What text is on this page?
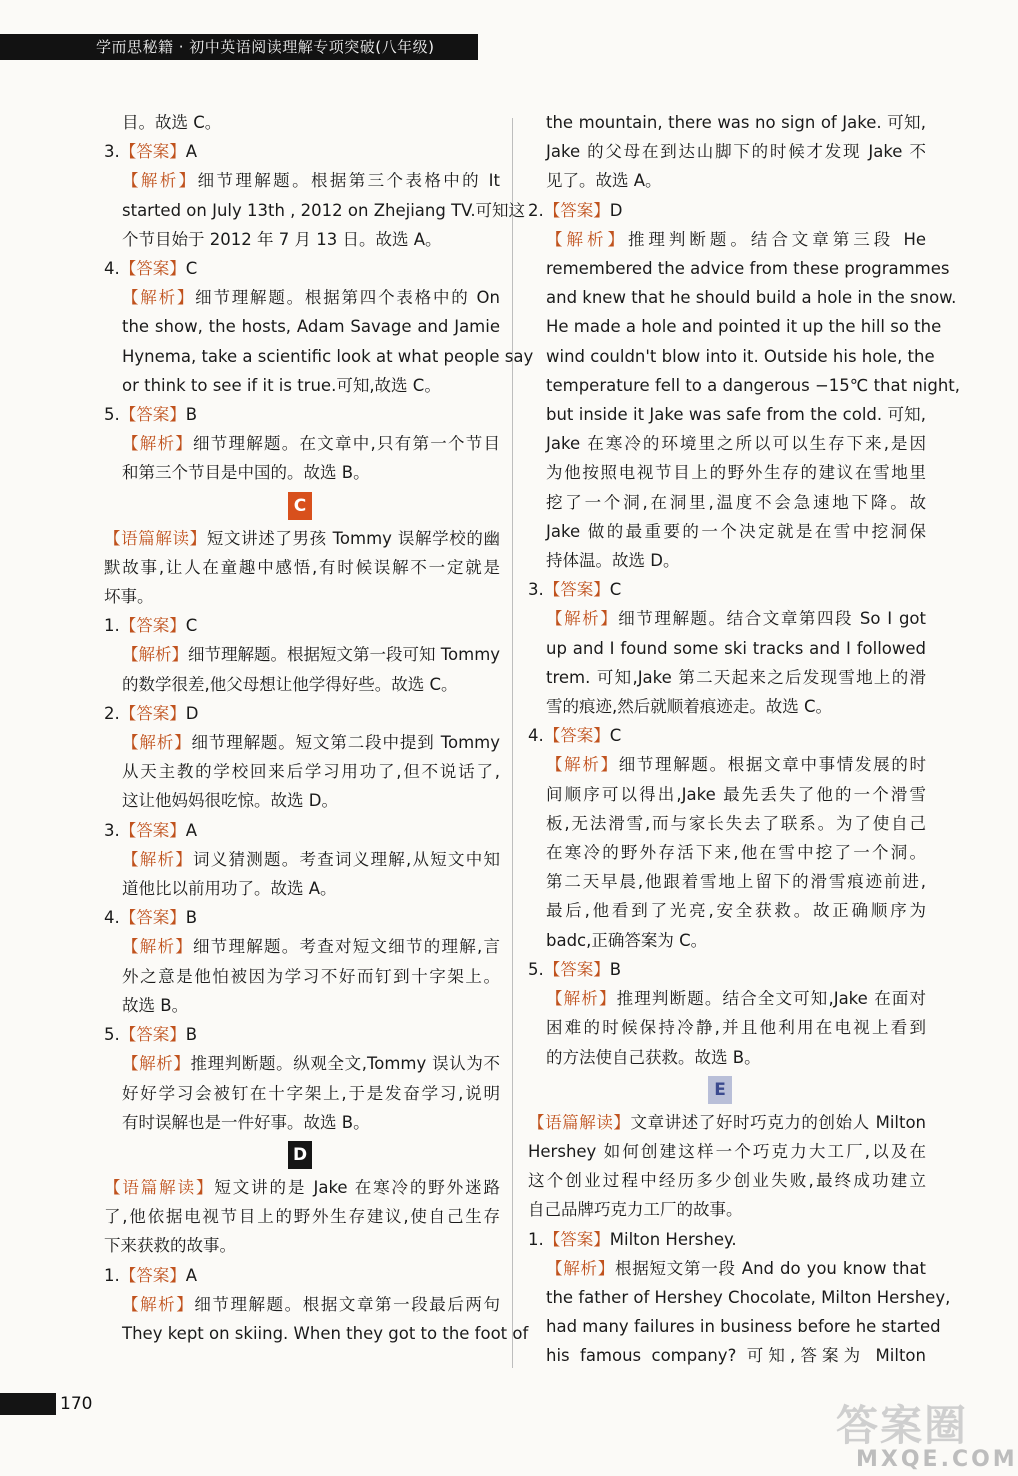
学而思秘籍 · 初中英语阅读理解专项突破(八年级)
目。故选 C。
3.【答案】A
【解析】细节理解题。根据第三个表格中的 It
started on July 13th , 2012 on Zhejiang TV.可知这
个节目始于 2012 年 7 月 13 日。故选 A。
4.【答案】C
【解析】细节理解题。根据第四个表格中的 On
the show, the hosts, Adam Savage and Jamie
Hynema, take a scientific look at what people say
or think to see if it is true.可知,故选 C。
5.【答案】B
【解析】细节理解题。在文章中,只有第一个节目
和第三个节目是中国的。故选 B。
C
【语篇解读】短文讲述了男孩 Tommy 误解学校的幽
默故事,让人在童趣中感悟,有时候误解不一定就是
坏事。
1.【答案】C
【解析】细节理解题。根据短文第一段可知 Tommy
的数学很差,他父母想让他学得好些。故选 C。
2.【答案】D
【解析】细节理解题。短文第二段中提到 Tommy
从天主教的学校回来后学习用功了,但不说话了,
这让他妈妈很吃惊。故选 D。
3.【答案】A
【解析】词义猜测题。考查词义理解,从短文中知
道他比以前用功了。故选 A。
4.【答案】B
【解析】细节理解题。考查对短文细节的理解,言
外之意是他怕被因为学习不好而钉到十字架上。
故选 B。
5.【答案】B
【解析】推理判断题。纵观全文,Tommy 误认为不
好好学习会被钉在十字架上,于是发奋学习,说明
有时误解也是一件好事。故选 B。
D
【语篇解读】短文讲的是 Jake 在寒冷的野外迷路
了,他依据电视节目上的野外生存建议,使自己生存
下来获救的故事。
1.【答案】A
【解析】细节理解题。根据文章第一段最后两句
They kept on skiing. When they got to the foot of
the mountain, there was no sign of Jake. 可知,
Jake 的父母在到达山脚下的时候才发现 Jake 不
见了。故选 A。
2.【答案】D
【解析】推理判断题。结合文章第三段 He
remembered the advice from these programmes
and knew that he should build a hole in the snow.
He made a hole and pointed it up the hill so the
wind couldn't blow into it. Outside his hole, the
temperature fell to a dangerous −15℃ that night,
but inside it Jake was safe from the cold. 可知,
Jake 在寒冷的环境里之所以可以生存下来,是因
为他按照电视节目上的野外生存的建议在雪地里
挖了一个洞,在洞里,温度不会急速地下降。故
Jake 做的最重要的一个决定就是在雪中挖洞保
持体温。故选 D。
3.【答案】C
【解析】细节理解题。结合文章第四段 So I got
up and I found some ski tracks and I followed
trem. 可知,Jake 第二天起来之后发现雪地上的滑
雪的痕迹,然后就顺着痕迹走。故选 C。
4.【答案】C
【解析】细节理解题。根据文章中事情发展的时
间顺序可以得出,Jake 最先丢失了他的一个滑雪
板,无法滑雪,而与家长失去了联系。为了使自己
在寒冷的野外存活下来,他在雪中挖了一个洞。
第二天早晨,他跟着雪地上留下的滑雪痕迹前进,
最后,他看到了光亮,安全获救。故正确顺序为
badc,正确答案为 C。
5.【答案】B
【解析】推理判断题。结合全文可知,Jake 在面对
困难的时候保持冷静,并且他利用在电视上看到
的方法使自己获救。故选 B。
E
【语篇解读】文章讲述了好时巧克力的创始人 Milton
Hershey 如何创建这样一个巧克力大工厂,以及在
这个创业过程中经历多少创业失败,最终成功建立
自己品牌巧克力工厂的故事。
1.【答案】Milton Hershey.
【解析】根据短文第一段 And do you know that
the father of Hershey Chocolate, Milton Hershey,
had many failures in business before he started
his famous company? 可知,答案为 Milton
170	答案圈
MXQE.COM
